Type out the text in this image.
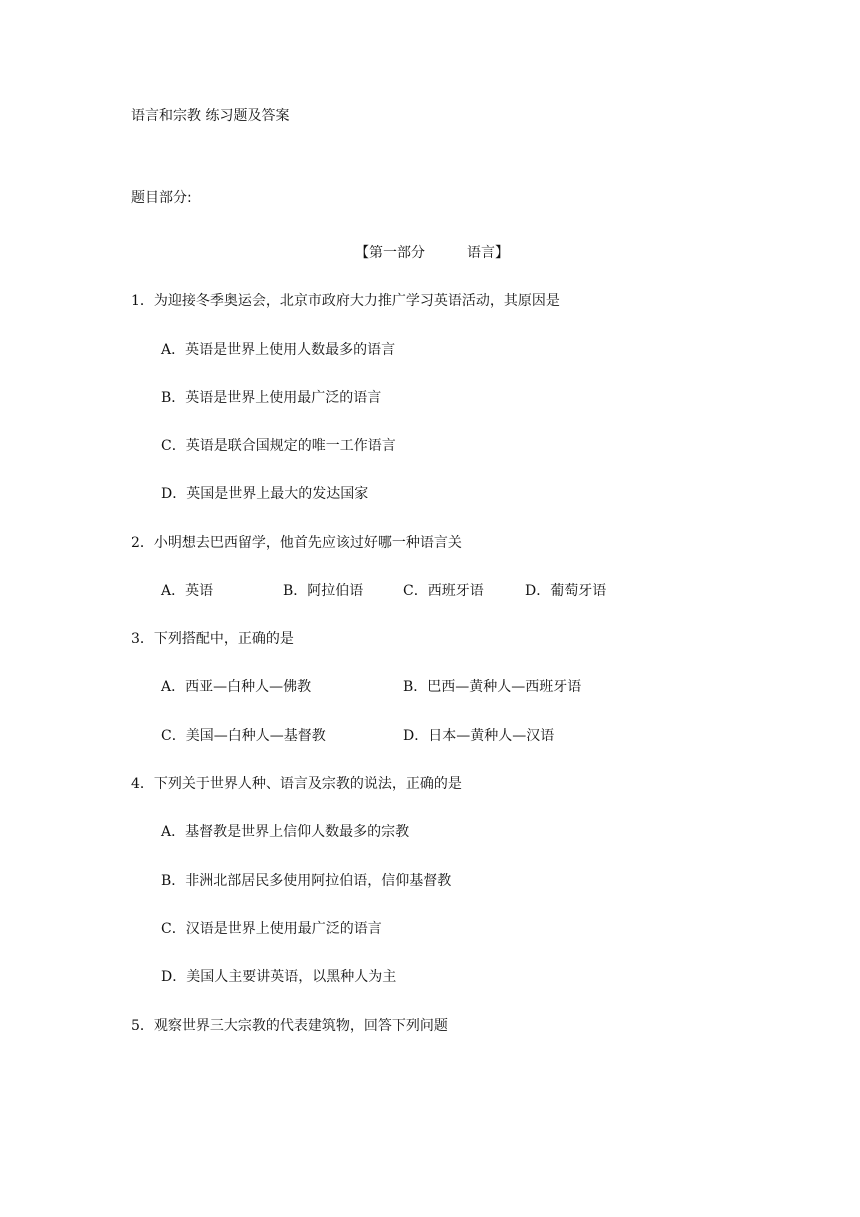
语言和宗教 练习题及答案
题目部分:
【第一部分	语言】
1．为迎接冬季奥运会，北京市政府大力推广学习英语活动，其原因是
A．英语是世界上使用人数最多的语言
B．英语是世界上使用最广泛的语言
C．英语是联合国规定的唯一工作语言
D．英国是世界上最大的发达国家
2．小明想去巴西留学，他首先应该过好哪一种语言关
A．英语	B．阿拉伯语	C．西班牙语	D．葡萄牙语
3．下列搭配中，正确的是
A．西亚—白种人—佛教	B．巴西—黄种人—西班牙语
C．美国—白种人—基督教	D．日本—黄种人—汉语
4．下列关于世界人种、语言及宗教的说法，正确的是
A．基督教是世界上信仰人数最多的宗教
B．非洲北部居民多使用阿拉伯语，信仰基督教
C．汉语是世界上使用最广泛的语言
D．美国人主要讲英语，以黑种人为主
5．观察世界三大宗教的代表建筑物，回答下列问题
